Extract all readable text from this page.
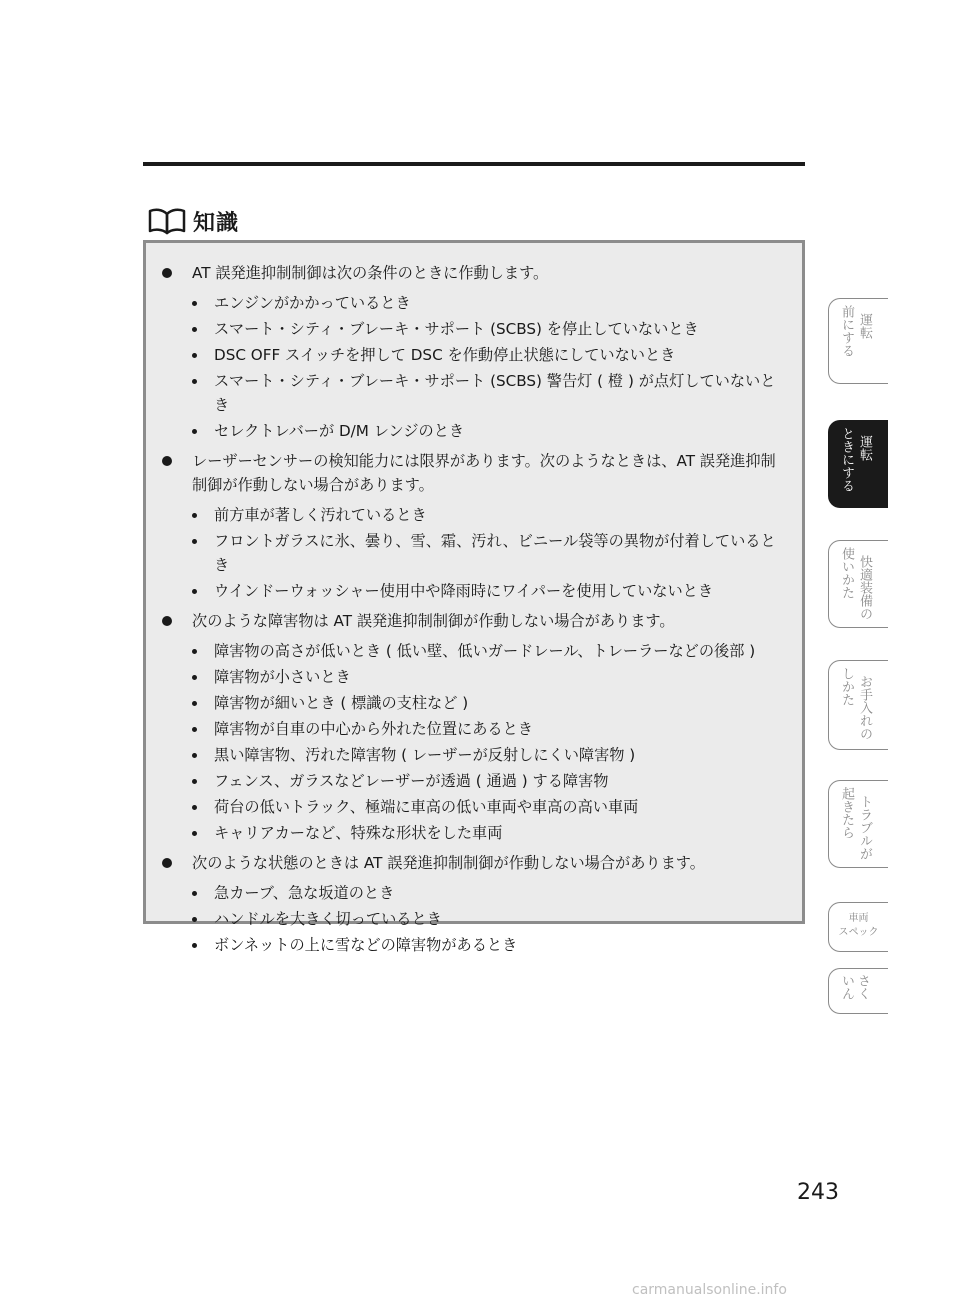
知識
AT 誤発進抑制制御は次の条件のときに作動します。
エンジンがかかっているとき
スマート・シティ・ブレーキ・サポート (SCBS) を停止していないとき
DSC OFF スイッチを押して DSC を作動停止状態にしていないとき
スマート・シティ・ブレーキ・サポート (SCBS) 警告灯 ( 橙 ) が点灯していないとき
セレクトレバーが D/M レンジのとき
レーザーセンサーの検知能力には限界があります。次のようなときは、AT 誤発進抑制制御が作動しない場合があります。
前方車が著しく汚れているとき
フロントガラスに氷、曇り、雪、霜、汚れ、ビニール袋等の異物が付着しているとき
ウインドーウォッシャー使用中や降雨時にワイパーを使用していないとき
次のような障害物は AT 誤発進抑制制御が作動しない場合があります。
障害物の高さが低いとき ( 低い壁、低いガードレール、トレーラーなどの後部 )
障害物が小さいとき
障害物が細いとき ( 標識の支柱など )
障害物が自車の中心から外れた位置にあるとき
黒い障害物、汚れた障害物 ( レーザーが反射しにくい障害物 )
フェンス、ガラスなどレーザーが透過 ( 通過 ) する障害物
荷台の低いトラック、極端に車高の低い車両や車高の高い車両
キャリアカーなど、特殊な形状をした車両
次のような状態のときは AT 誤発進抑制制御が作動しない場合があります。
急カーブ、急な坂道のとき
ハンドルを大きく切っているとき
ボンネットの上に雪などの障害物があるとき
運転
前にする
運転
ときにする
快適装備の
使いかた
お手入れの
しかた
トラブルが
起きたら
車両
スペック
さく
いん
243
carmanualsonline.info
